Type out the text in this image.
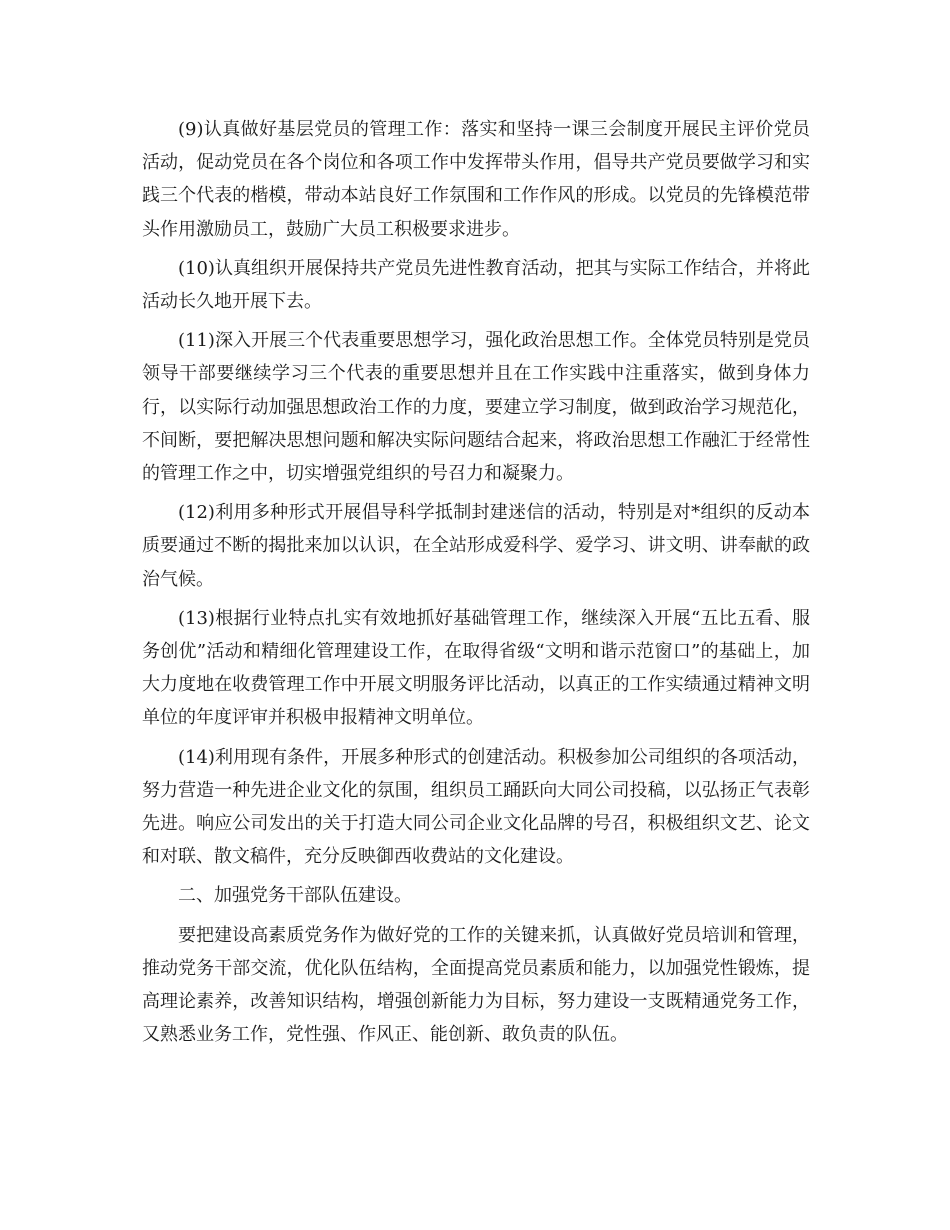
(9)认真做好基层党员的管理工作：落实和坚持一课三会制度开展民主评价党员活动，促动党员在各个岗位和各项工作中发挥带头作用，倡导共产党员要做学习和实践三个代表的楷模，带动本站良好工作氛围和工作作风的形成。以党员的先锋模范带头作用激励员工，鼓励广大员工积极要求进步。

(10)认真组织开展保持共产党员先进性教育活动，把其与实际工作结合，并将此活动长久地开展下去。

(11)深入开展三个代表重要思想学习，强化政治思想工作。全体党员特别是党员领导干部要继续学习三个代表的重要思想并且在工作实践中注重落实，做到身体力行，以实际行动加强思想政治工作的力度，要建立学习制度，做到政治学习规范化，不间断，要把解决思想问题和解决实际问题结合起来，将政治思想工作融汇于经常性的管理工作之中，切实增强党组织的号召力和凝聚力。

(12)利用多种形式开展倡导科学抵制封建迷信的活动，特别是对*组织的反动本质要通过不断的揭批来加以认识，在全站形成爱科学、爱学习、讲文明、讲奉献的政治气候。

(13)根据行业特点扎实有效地抓好基础管理工作，继续深入开展“五比五看、服务创优”活动和精细化管理建设工作，在取得省级“文明和谐示范窗口”的基础上，加大力度地在收费管理工作中开展文明服务评比活动，以真正的工作实绩通过精神文明单位的年度评审并积极申报精神文明单位。

(14)利用现有条件，开展多种形式的创建活动。积极参加公司组织的各项活动，努力营造一种先进企业文化的氛围，组织员工踊跃向大同公司投稿，以弘扬正气表彰先进。响应公司发出的关于打造大同公司企业文化品牌的号召，积极组织文艺、论文和对联、散文稿件，充分反映御西收费站的文化建设。

二、加强党务干部队伍建设。

要把建设高素质党务作为做好党的工作的关键来抓，认真做好党员培训和管理，推动党务干部交流，优化队伍结构，全面提高党员素质和能力，以加强党性锻炼，提高理论素养，改善知识结构，增强创新能力为目标，努力建设一支既精通党务工作，又熟悉业务工作，党性强、作风正、能创新、敢负责的队伍。
